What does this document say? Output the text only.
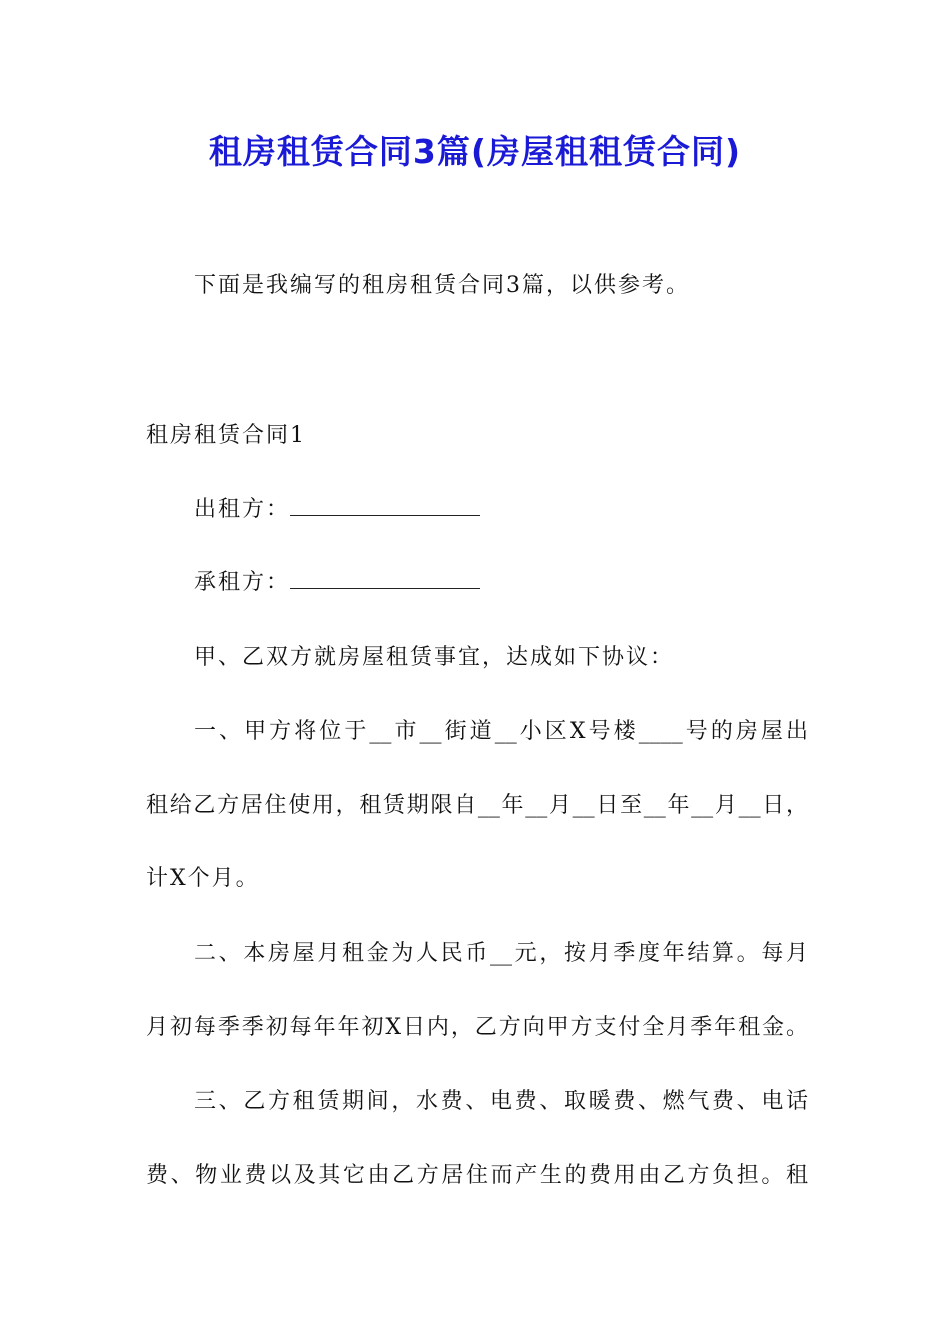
租房租赁合同3篇(房屋租租赁合同)
下面是我编写的租房租赁合同3篇，以供参考。
租房租赁合同1
出租方：
承租方：
甲、乙双方就房屋租赁事宜，达成如下协议：
一、甲方将位于__市__街道__小区X号楼____号的房屋出
租给乙方居住使用，租赁期限自__年__月__日至__年__月__日，
计X个月。
二、本房屋月租金为人民币__元，按月季度年结算。每月
月初每季季初每年年初X日内，乙方向甲方支付全月季年租金。
三、乙方租赁期间，水费、电费、取暖费、燃气费、电话
费、物业费以及其它由乙方居住而产生的费用由乙方负担。租
